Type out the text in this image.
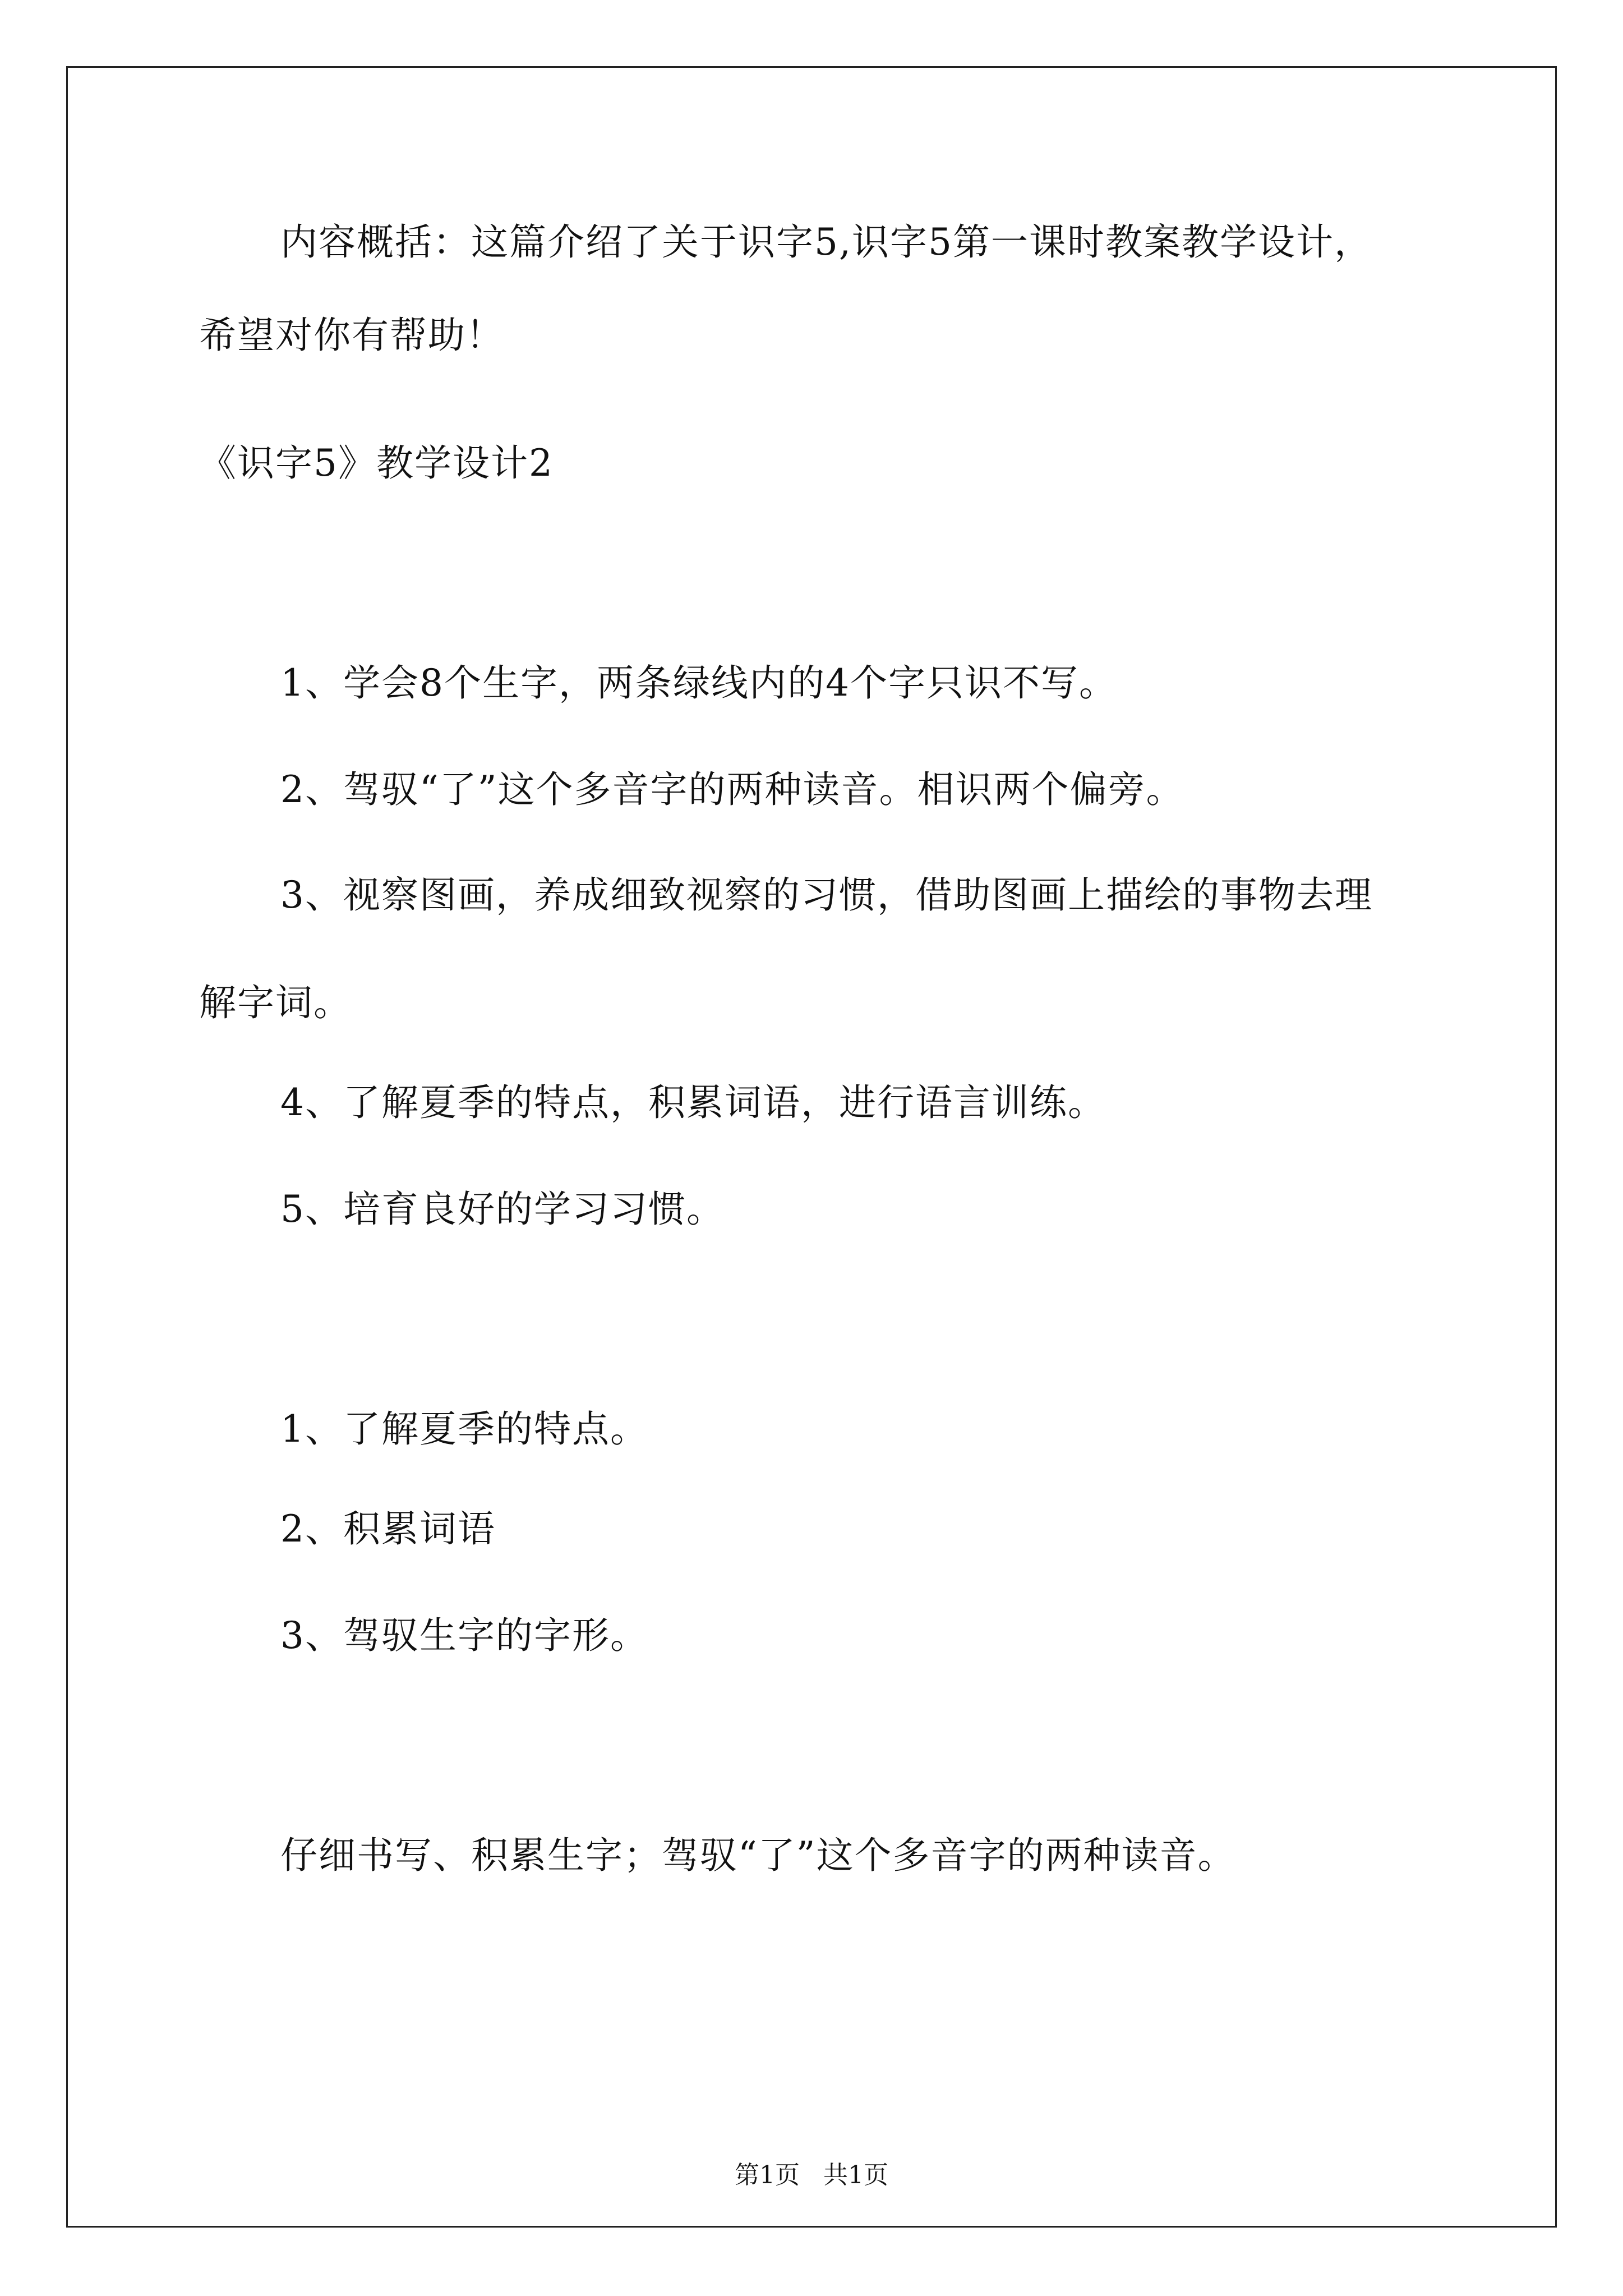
内容概括：这篇介绍了关于识字5,识字5第一课时教案教学设计，
希望对你有帮助！
《识字5》教学设计2
1、学会8个生字，两条绿线内的4个字只识不写。
2、驾驭“了”这个多音字的两种读音。相识两个偏旁。
3、视察图画，养成细致视察的习惯，借助图画上描绘的事物去理
解字词。
4、了解夏季的特点，积累词语，进行语言训练。
5、培育良好的学习习惯。
1、了解夏季的特点。
2、积累词语
3、驾驭生字的字形。
仔细书写、积累生字；驾驭“了”这个多音字的两种读音。
第1页   共1页
